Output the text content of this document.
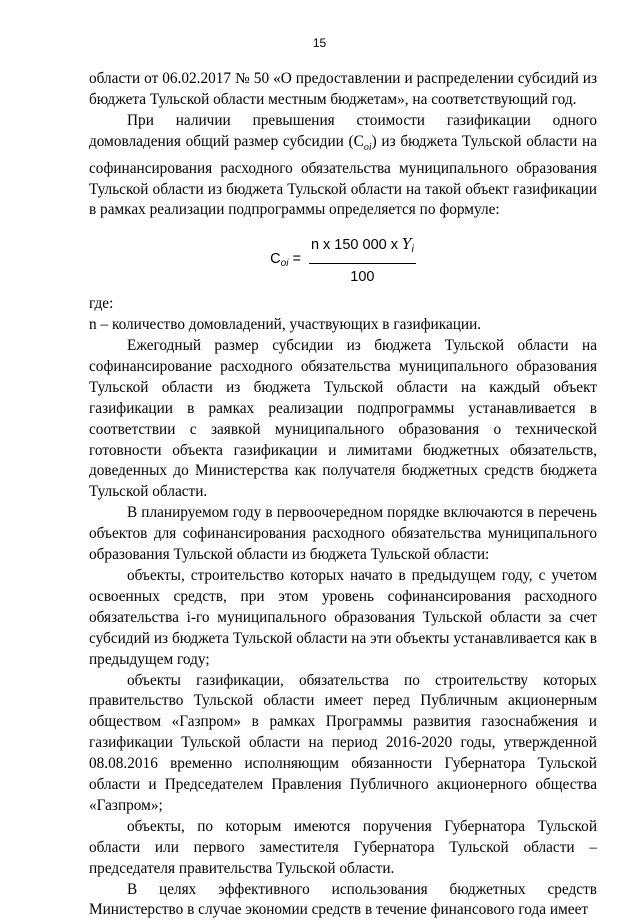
15

области от 06.02.2017 № 50 «О предоставлении и распределении субсидий из бюджета Тульской области местным бюджетам», на соответствующий год.

При наличии превышения стоимости газификации одного домовладения общий размер субсидии $(С_{oi})$ из бюджета Тульской области на софинансирования расходного обязательства муниципального образования Тульской области из бюджета Тульской области на такой объект газификации в рамках реализации подпрограммы определяется по формуле:

$С_{oi} = \frac{n x 150 000 x Y_i}{100}$

где:

n – количество домовладений, участвующих в газификации.

Ежегодный размер субсидии из бюджета Тульской области на софинансирование расходного обязательства муниципального образования Тульской области из бюджета Тульской области на каждый объект газификации в рамках реализации подпрограммы устанавливается в соответствии с заявкой муниципального образования о технической готовности объекта газификации и лимитами бюджетных обязательств, доведенных до Министерства как получателя бюджетных средств бюджета Тульской области.

В планируемом году в первоочередном порядке включаются в перечень объектов для софинансирования расходного обязательства муниципального образования Тульской области из бюджета Тульской области:

объекты, строительство которых начато в предыдущем году, с учетом освоенных средств, при этом уровень софинансирования расходного обязательства i-го муниципального образования Тульской области за счет субсидий из бюджета Тульской области на эти объекты устанавливается как в предыдущем году;

объекты газификации, обязательства по строительству которых правительство Тульской области имеет перед Публичным акционерным обществом «Газпром» в рамках Программы развития газоснабжения и газификации Тульской области на период 2016-2020 годы, утвержденной 08.08.2016 временно исполняющим обязанности Губернатора Тульской области и Председателем Правления Публичного акционерного общества «Газпром»;

объекты, по которым имеются поручения Губернатора Тульской области или первого заместителя Губернатора Тульской области – председателя правительства Тульской области.

В целях эффективного использования бюджетных средств Министерство в случае экономии средств в течение финансового года имеет
